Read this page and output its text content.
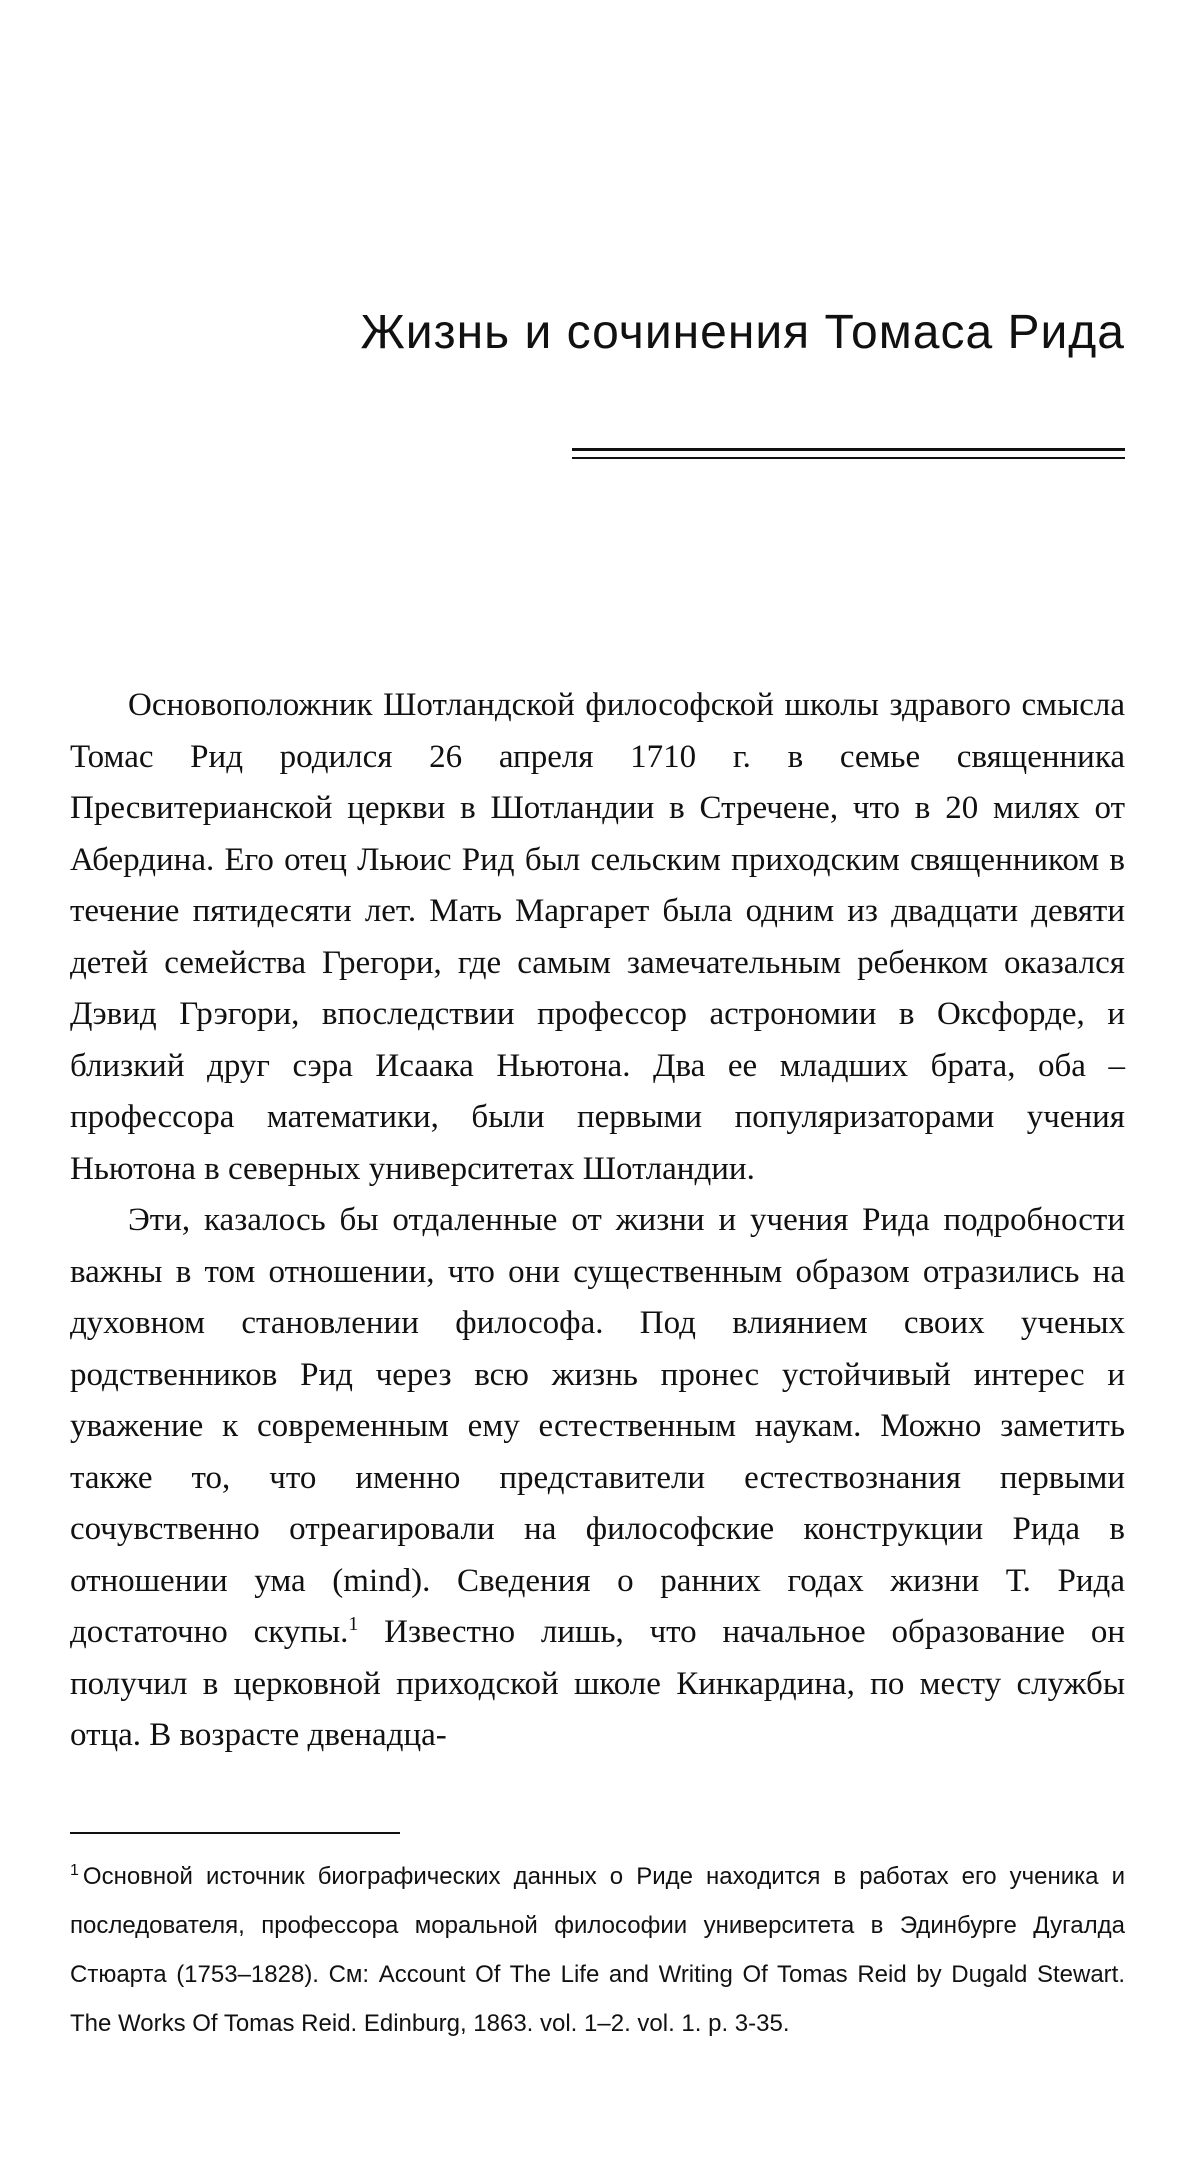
Жизнь и сочинения Томаса Рида

Основоположник Шотландской философской школы здравого смысла Томас Рид родился 26 апреля 1710 г. в семье священника Пресвитерианской церкви в Шотландии в Стречене, что в 20 милях от Абердина. Его отец Льюис Рид был сельским приходским священником в течение пятидесяти лет. Мать Маргарет была одним из двадцати девяти детей семейства Грегори, где самым замечательным ребенком оказался Дэвид Грэгори, впоследствии профессор астрономии в Оксфорде, и близкий друг сэра Исаака Ньютона. Два ее младших брата, оба – профессора математики, были первыми популяризаторами учения Ньютона в северных университетах Шотландии.

Эти, казалось бы отдаленные от жизни и учения Рида подробности важны в том отношении, что они существенным образом отразились на духовном становлении философа. Под влиянием своих ученых родственников Рид через всю жизнь пронес устойчивый интерес и уважение к современным ему естественным наукам. Можно заметить также то, что именно представители естествознания первыми сочувственно отреагировали на философские конструкции Рида в отношении ума (mind). Сведения о ранних годах жизни Т. Рида достаточно скупы.$^1$ Известно лишь, что начальное образование он получил в церковной приходской школе Кинкардина, по месту службы отца. В возрасте двенадца-

$^1$ Основной источник биографических данных о Риде находится в работах его ученика и последователя, профессора моральной философии университета в Эдинбурге Дугалда Стюарта (1753–1828). См: Account Of The Life and Writing Of Tomas Reid by Dugald Stewart. The Works Of Tomas Reid. Edinburg, 1863. vol. 1–2. vol. 1. p. 3-35.
